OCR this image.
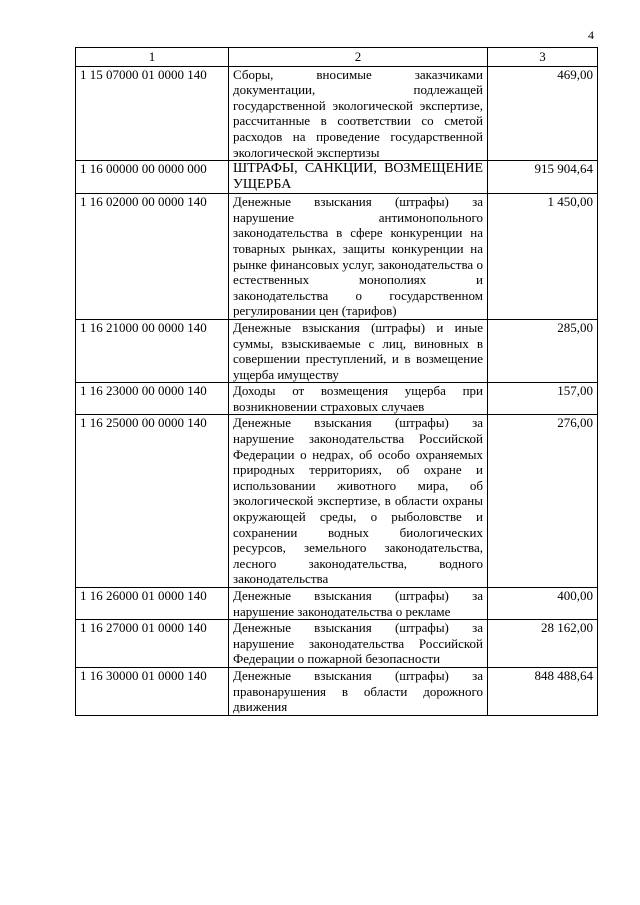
4
1	2	3
1 15 07000 01 0000 140	Сборы, вносимые заказчиками документации, подлежащей государственной экологической экспертизе, рассчитанные в соответствии со сметой расходов на проведение государственной экологической экспертизы	469,00
1 16 00000 00 0000 000	ШТРАФЫ, САНКЦИИ, ВОЗМЕЩЕНИЕ УЩЕРБА	915 904,64
1 16 02000 00 0000 140	Денежные взыскания (штрафы) за нарушение антимонопольного законодательства в сфере конкуренции на товарных рынках, защиты конкуренции на рынке финансовых услуг, законодательства о естественных монополиях и законодательства о государственном регулировании цен (тарифов)	1 450,00
1 16 21000 00 0000 140	Денежные взыскания (штрафы) и иные суммы, взыскиваемые с лиц, виновных в совершении преступлений, и в возмещение ущерба имуществу	285,00
1 16 23000 00 0000 140	Доходы от возмещения ущерба при возникновении страховых случаев	157,00
1 16 25000 00 0000 140	Денежные взыскания (штрафы) за нарушение законодательства Российской Федерации о недрах, об особо охраняемых природных территориях, об охране и использовании животного мира, об экологической экспертизе, в области охраны окружающей среды, о рыболовстве и сохранении водных биологических ресурсов, земельного законодательства, лесного законодательства, водного законодательства	276,00
1 16 26000 01 0000 140	Денежные взыскания (штрафы) за нарушение законодательства о рекламе	400,00
1 16 27000 01 0000 140	Денежные взыскания (штрафы) за нарушение законодательства Российской Федерации о пожарной безопасности	28 162,00
1 16 30000 01 0000 140	Денежные взыскания (штрафы) за правонарушения в области дорожного движения	848 488,64
